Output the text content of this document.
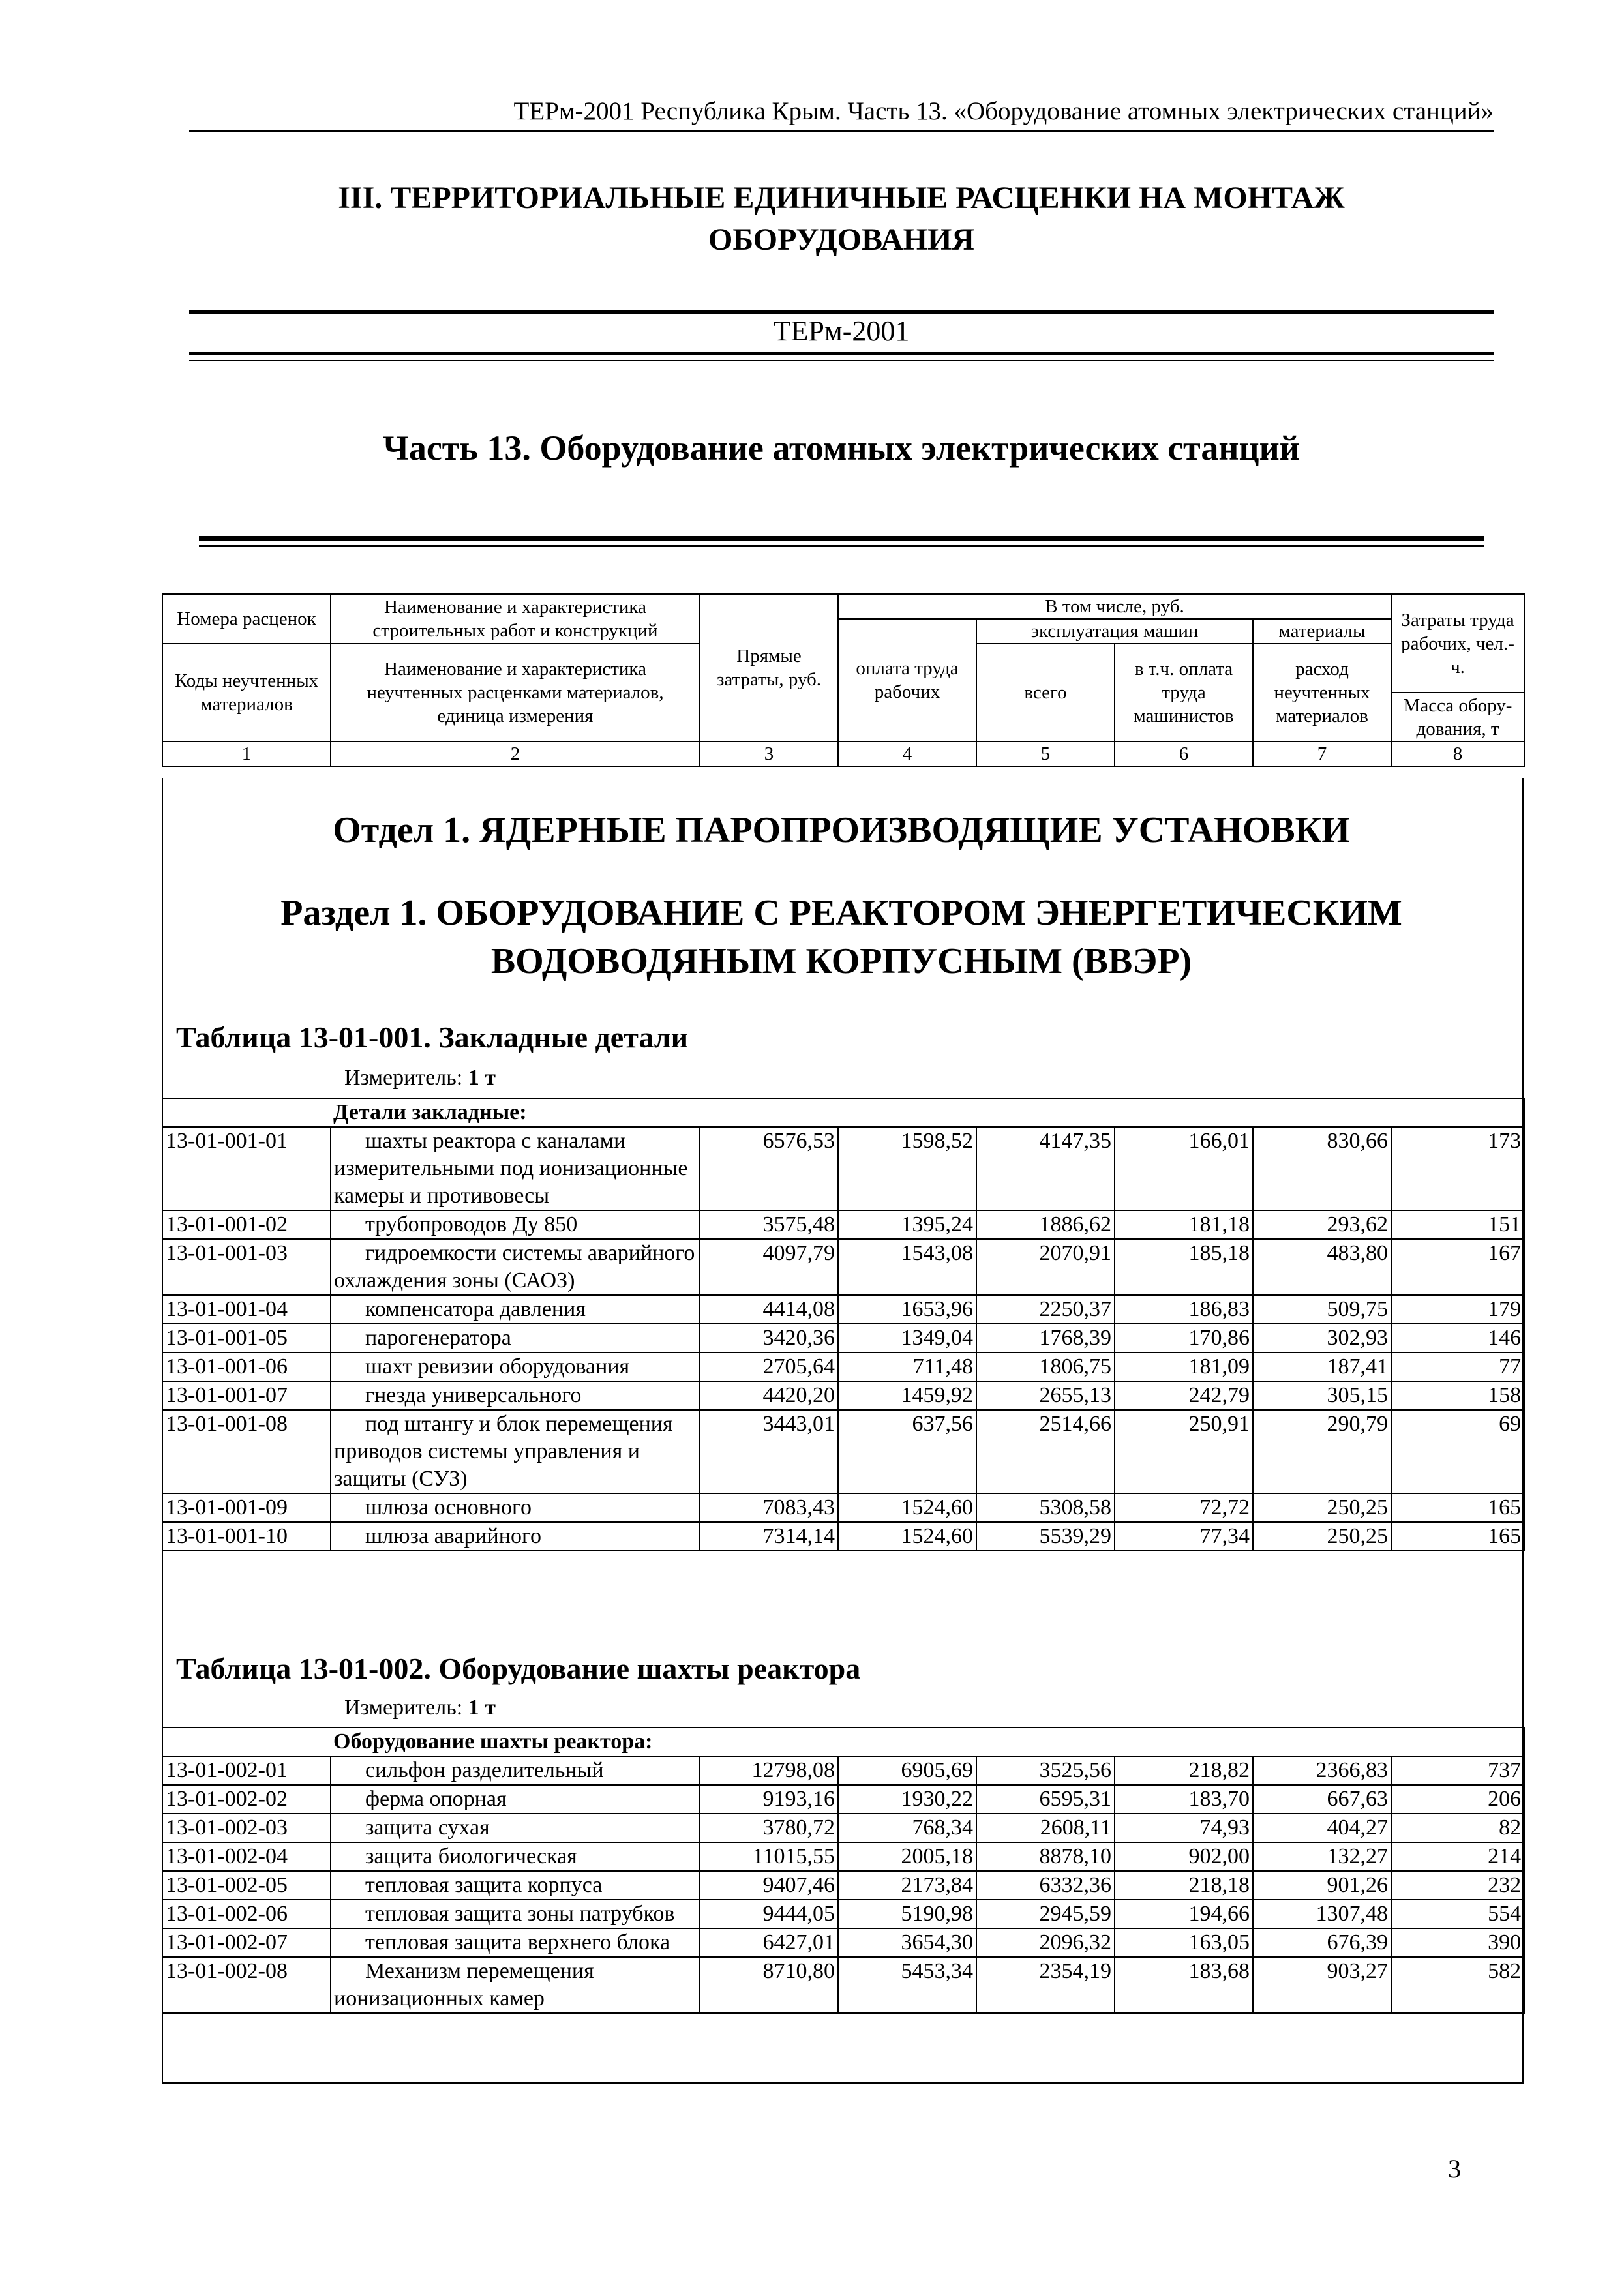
ТЕРм-2001 Республика Крым. Часть 13. «Оборудование атомных электрических станций»
III. ТЕРРИТОРИАЛЬНЫЕ ЕДИНИЧНЫЕ РАСЦЕНКИ НА МОНТАЖ
ОБОРУДОВАНИЯ
ТЕРм-2001
Часть 13. Оборудование атомных электрических станций
Номера расценок	Наименование и характеристика строительных работ и конструкций	Прямые затраты, руб.	В том числе, руб.				Затраты труда рабочих, чел.-ч.
			оплата труда рабочих	эксплуатация машин		материалы	
Коды неучтенных материалов	Наименование и характеристика неучтенных расценками материалов, единица измерения			всего	в т.ч. оплата труда машинистов	расход неучтенных материалов	
							Масса обору-дования, т
1	2	3	4	5	6	7	8
Отдел 1. ЯДЕРНЫЕ ПАРОПРОИЗВОДЯЩИЕ УСТАНОВКИ
Раздел 1. ОБОРУДОВАНИЕ С РЕАКТОРОМ ЭНЕРГЕТИЧЕСКИМ
ВОДОВОДЯНЫМ КОРПУСНЫМ (ВВЭР)
Таблица 13-01-001. Закладные детали
Измеритель: 1 т
	Детали закладные:						
13-01-001-01	шахты реактора с каналами измерительными под ионизационные камеры и противовесы	6576,53	1598,52	4147,35	166,01	830,66	173
13-01-001-02	трубопроводов Ду 850	3575,48	1395,24	1886,62	181,18	293,62	151
13-01-001-03	гидроемкости системы аварийного охлаждения зоны (САОЗ)	4097,79	1543,08	2070,91	185,18	483,80	167
13-01-001-04	компенсатора давления	4414,08	1653,96	2250,37	186,83	509,75	179
13-01-001-05	парогенератора	3420,36	1349,04	1768,39	170,86	302,93	146
13-01-001-06	шахт ревизии оборудования	2705,64	711,48	1806,75	181,09	187,41	77
13-01-001-07	гнезда универсального	4420,20	1459,92	2655,13	242,79	305,15	158
13-01-001-08	под штангу и блок перемещения приводов системы управления и защиты (СУЗ)	3443,01	637,56	2514,66	250,91	290,79	69
13-01-001-09	шлюза основного	7083,43	1524,60	5308,58	72,72	250,25	165
13-01-001-10	шлюза аварийного	7314,14	1524,60	5539,29	77,34	250,25	165
Таблица 13-01-002. Оборудование шахты реактора
Измеритель: 1 т
	Оборудование шахты реактора:						
13-01-002-01	сильфон разделительный	12798,08	6905,69	3525,56	218,82	2366,83	737
13-01-002-02	ферма опорная	9193,16	1930,22	6595,31	183,70	667,63	206
13-01-002-03	защита сухая	3780,72	768,34	2608,11	74,93	404,27	82
13-01-002-04	защита биологическая	11015,55	2005,18	8878,10	902,00	132,27	214
13-01-002-05	тепловая защита корпуса	9407,46	2173,84	6332,36	218,18	901,26	232
13-01-002-06	тепловая защита зоны патрубков	9444,05	5190,98	2945,59	194,66	1307,48	554
13-01-002-07	тепловая защита верхнего блока	6427,01	3654,30	2096,32	163,05	676,39	390
13-01-002-08	Механизм перемещения ионизационных камер	8710,80	5453,34	2354,19	183,68	903,27	582
3
